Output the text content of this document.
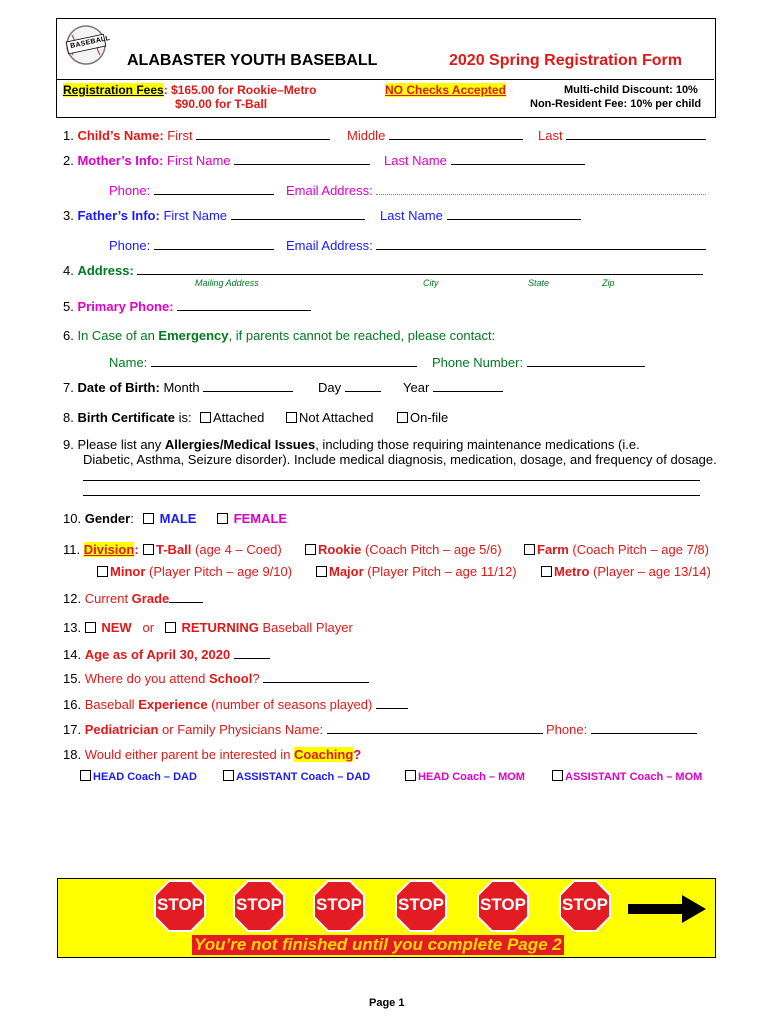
BASEBALL
ALABASTER YOUTH BASEBALL	2020 Spring Registration Form
Registration Fees: $165.00 for Rookie–Metro
$90.00 for T-Ball
NO Checks Accepted	Multi-child Discount: 10%
Non-Resident Fee: 10% per child
1. Child’s Name: First	Middle	Last
2. Mother’s Info: First Name	Last Name
Phone:	Email Address:
3. Father’s Info: First Name	Last Name
Phone:	Email Address:
4. Address:
Mailing Address	City	State	Zip
5. Primary Phone:
6. In Case of an Emergency, if parents cannot be reached, please contact:
Name:	Phone Number:
7. Date of Birth: Month	Day	Year
8. Birth Certificate is:	Attached	Not Attached	On-file
9. Please list any Allergies/Medical Issues, including those requiring maintenance medications (i.e.
Diabetic, Asthma, Seizure disorder). Include medical diagnosis, medication, dosage, and frequency of dosage.
10. Gender:	MALE	FEMALE
11. Division:	T-Ball (age 4 – Coed)	Rookie (Coach Pitch – age 5/6)	Farm (Coach Pitch – age 7/8)
Minor (Player Pitch – age 9/10)	Major (Player Pitch – age 11/12)	Metro (Player – age 13/14)
12. Current Grade
13. NEW or RETURNING Baseball Player
14. Age as of April 30, 2020
15. Where do you attend School?
16. Baseball Experience (number of seasons played)
17. Pediatrician or Family Physicians Name:	Phone:
18. Would either parent be interested in Coaching?
HEAD Coach – DAD	ASSISTANT Coach – DAD	HEAD Coach – MOM	ASSISTANT Coach – MOM
STOP STOP STOP STOP STOP STOP
You’re not finished until you complete Page 2
Page 1
